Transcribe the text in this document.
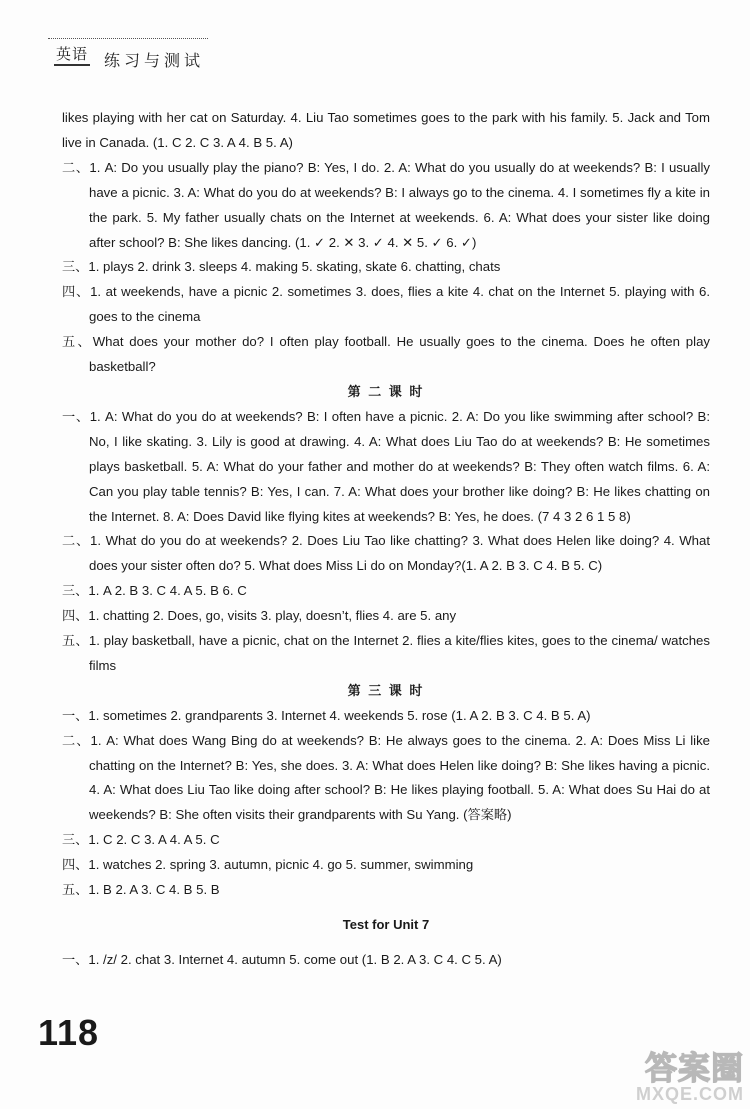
英语 练习与测试

likes playing with her cat on Saturday. 4. Liu Tao sometimes goes to the park with his family. 5. Jack and Tom live in Canada. (1. C 2. C 3. A 4. B 5. A)

二、1. A: Do you usually play the piano? B: Yes, I do. 2. A: What do you usually do at weekends? B: I usually have a picnic. 3. A: What do you do at weekends? B: I always go to the cinema. 4. I sometimes fly a kite in the park. 5. My father usually chats on the Internet at weekends. 6. A: What does your sister like doing after school? B: She likes dancing. (1. ✓ 2. ✕ 3. ✓ 4. ✕ 5. ✓ 6. ✓)

三、1. plays 2. drink 3. sleeps 4. making 5. skating, skate 6. chatting, chats

四、1. at weekends, have a picnic 2. sometimes 3. does, flies a kite 4. chat on the Internet 5. playing with 6. goes to the cinema

五、What does your mother do? I often play football. He usually goes to the cinema. Does he often play basketball?

第 二 课 时

一、1. A: What do you do at weekends? B: I often have a picnic. 2. A: Do you like swimming after school? B: No, I like skating. 3. Lily is good at drawing. 4. A: What does Liu Tao do at weekends? B: He sometimes plays basketball. 5. A: What do your father and mother do at weekends? B: They often watch films. 6. A: Can you play table tennis? B: Yes, I can. 7. A: What does your brother like doing? B: He likes chatting on the Internet. 8. A: Does David like flying kites at weekends? B: Yes, he does. (7 4 3 2 6 1 5 8)

二、1. What do you do at weekends? 2. Does Liu Tao like chatting? 3. What does Helen like doing? 4. What does your sister often do? 5. What does Miss Li do on Monday?(1. A 2. B 3. C 4. B 5. C)

三、1. A 2. B 3. C 4. A 5. B 6. C

四、1. chatting 2. Does, go, visits 3. play, doesn’t, flies 4. are 5. any

五、1. play basketball, have a picnic, chat on the Internet 2. flies a kite/flies kites, goes to the cinema/ watches films

第 三 课 时

一、1. sometimes 2. grandparents 3. Internet 4. weekends 5. rose (1. A 2. B 3. C 4. B 5. A)

二、1. A: What does Wang Bing do at weekends? B: He always goes to the cinema. 2. A: Does Miss Li like chatting on the Internet? B: Yes, she does. 3. A: What does Helen like doing? B: She likes having a picnic. 4. A: What does Liu Tao like doing after school? B: He likes playing football. 5. A: What does Su Hai do at weekends? B: She often visits their grandparents with Su Yang. (答案略)

三、1. C 2. C 3. A 4. A 5. C

四、1. watches 2. spring 3. autumn, picnic 4. go 5. summer, swimming

五、1. B 2. A 3. C 4. B 5. B

Test for Unit 7

一、1. /z/ 2. chat 3. Internet 4. autumn 5. come out (1. B 2. A 3. C 4. C 5. A)

118
答案圈
MXQE.COM
